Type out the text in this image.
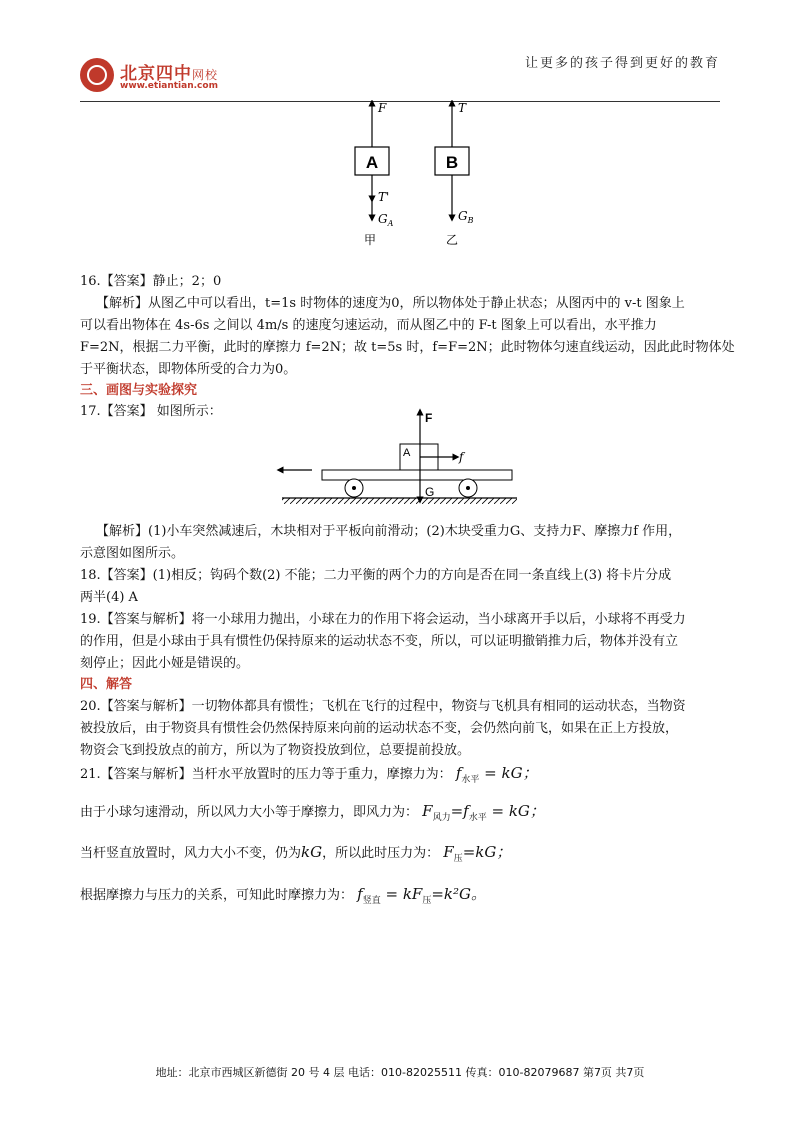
北京四中网校
www.etiantian.com
让更多的孩子得到更好的教育
A
F
T'
$G_A$
甲
B
T
$G_B$
乙
16.【答案】静止；2；0
【解析】从图乙中可以看出，t=1s 时物体的速度为0，所以物体处于静止状态；从图丙中的 v-t 图象上
可以看出物体在 4s-6s 之间以 4m/s 的速度匀速运动，而从图乙中的 F-t 图象上可以看出，水平推力
F=2N，根据二力平衡，此时的摩擦力 f=2N；故 t=5s 时，f=F=2N；此时物体匀速直线运动，因此此时物体处
于平衡状态，即物体所受的合力为0。
三、画图与实验探究
17.【答案】 如图所示：	F
A	f
G
【解析】(1)小车突然减速后，木块相对于平板向前滑动；(2)木块受重力G、支持力F、摩擦力f 作用，
示意图如图所示。
18.【答案】(1)相反；钩码个数(2) 不能；二力平衡的两个力的方向是否在同一条直线上(3) 将卡片分成
两半(4) A
19.【答案与解析】将一小球用力抛出，小球在力的作用下将会运动，当小球离开手以后，小球将不再受力
的作用，但是小球由于具有惯性仍保持原来的运动状态不变，所以，可以证明撤销推力后，物体并没有立
刻停止；因此小娅是错误的。
四、解答
20.【答案与解析】一切物体都具有惯性；飞机在飞行的过程中，物资与飞机具有相同的运动状态，当物资
被投放后，由于物资具有惯性会仍然保持原来向前的运动状态不变，会仍然向前飞，如果在正上方投放，
物资会飞到投放点的前方，所以为了物资投放到位，总要提前投放。
21.【答案与解析】当杆水平放置时的压力等于重力，摩擦力为： $f_{水平}$ = kG；
由于小球匀速滑动，所以风力大小等于摩擦力，即风力为： $F_{风力}=f_{水平}$ = kG；
当杆竖直放置时，风力大小不变，仍为kG，所以此时压力为： $F_压=kG$；
根据摩擦力与压力的关系，可知此时摩擦力为： $f_{竖直} = kF_压=k^2G$。
地址：北京市西城区新德街 20 号 4 层 电话：010-82025511 传真：010-82079687 第7页 共7页
